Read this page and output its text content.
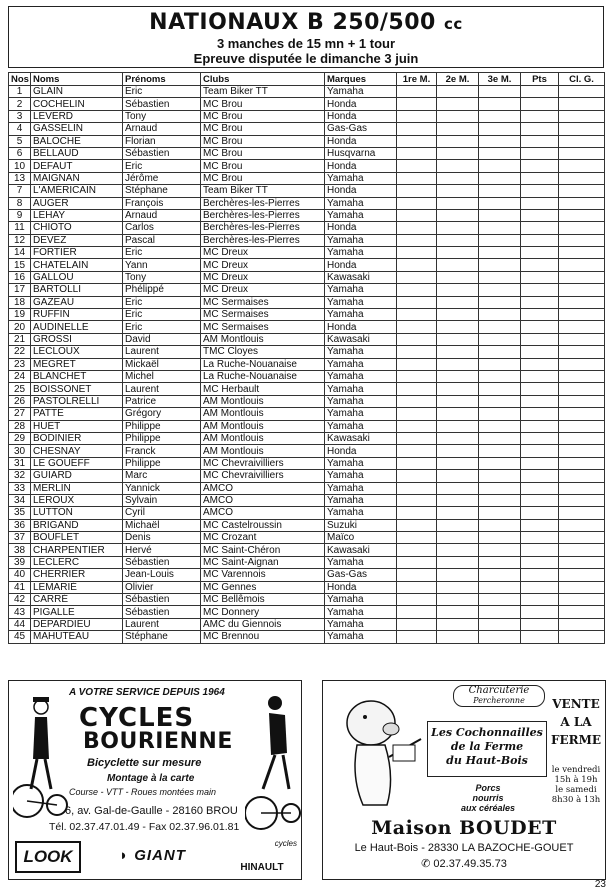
NATIONAUX B 250/500 cc
3 manches de 15 mn + 1 tour
Epreuve disputée le dimanche 3 juin
Nos	Noms	Prénoms	Clubs	Marques	1re M.	2e M.	3e M.	Pts	Cl. G.
1	GLAIN	Eric	Team Biker TT	Yamaha					
2	COCHELIN	Sébastien	MC Brou	Honda					
3	LEVERD	Tony	MC Brou	Honda					
4	GASSELIN	Arnaud	MC Brou	Gas-Gas					
5	BALOCHE	Florian	MC Brou	Honda					
6	BELLAUD	Sébastien	MC Brou	Husqvarna					
10	DEFAUT	Eric	MC Brou	Honda					
13	MAIGNAN	Jérôme	MC Brou	Yamaha					
7	L'AMÉRICAIN	Stéphane	Team Biker TT	Honda					
8	AUGER	François	Berchères-les-Pierres	Yamaha					
9	LEHAY	Arnaud	Berchères-les-Pierres	Yamaha					
11	CHIOTO	Carlos	Berchères-les-Pierres	Honda					
12	DEVEZ	Pascal	Berchères-les-Pierres	Yamaha					
14	FORTIER	Eric	MC Dreux	Yamaha					
15	CHATELAIN	Yann	MC Dreux	Honda					
16	GALLOU	Tony	MC Dreux	Kawasaki					
17	BARTOLLI	Phélippé	MC Dreux	Yamaha					
18	GAZEAU	Eric	MC Sermaises	Yamaha					
19	RUFFIN	Eric	MC Sermaises	Yamaha					
20	AUDINELLE	Eric	MC Sermaises	Honda					
21	GROSSI	David	AM Montlouis	Kawasaki					
22	LECLOUX	Laurent	TMC Cloyes	Yamaha					
23	MEGRET	Mickaël	La Ruche-Nouanaise	Yamaha					
24	BLANCHET	Michel	La Ruche-Nouanaise	Yamaha					
25	BOISSONET	Laurent	MC Herbault	Yamaha					
26	PASTOLRELLI	Patrice	AM Montlouis	Yamaha					
27	PATTE	Grégory	AM Montlouis	Yamaha					
28	HUET	Philippe	AM Montlouis	Yamaha					
29	BODINIER	Philippe	AM Montlouis	Kawasaki					
30	CHESNAY	Franck	AM Montlouis	Honda					
31	LE GOUEFF	Philippe	MC Chevraivilliers	Yamaha					
32	GUIARD	Marc	MC Chevraivilliers	Yamaha					
33	MERLIN	Yannick	AMCO	Yamaha					
34	LEROUX	Sylvain	AMCO	Yamaha					
35	LUTTON	Cyril	AMCO	Yamaha					
36	BRIGAND	Michaël	MC Castelroussin	Suzuki					
37	BOUFLET	Denis	MC Crozant	Maïco					
38	CHARPENTIER	Hervé	MC Saint-Chéron	Kawasaki					
39	LECLERC	Sébastien	MC Saint-Aignan	Yamaha					
40	CHERRIER	Jean-Louis	MC Varennois	Gas-Gas					
41	LEMARIÉ	Olivier	MC Gennes	Honda					
42	CARRÉ	Sébastien	MC Bellêmois	Yamaha					
43	PIGALLE	Sébastien	MC Donnery	Yamaha					
44	DEPARDIEU	Laurent	AMC du Giennois	Yamaha					
45	MAHUTEAU	Stéphane	MC Brennou	Yamaha					
A VOTRE SERVICE DEPUIS 1964
CYCLES
BOURIENNE
Bicyclette sur mesure
Montage à la carte
Course - VTT - Roues montées main
6, av. Gal-de-Gaulle - 28160 BROU
Tél. 02.37.47.01.49 - Fax 02.37.96.01.81
LOOK	◗ GIANT
cycles
HINAULT
Charcuterie
Percheronne
Les Cochonnailles
de la Ferme
du Haut-Bois
Porcs
nourris
aux céréales
VENTE
A LA
FERME
le vendredi
15h à 19h
le samedi
8h30 à 13h
Maison BOUDET
Le Haut-Bois - 28330 LA BAZOCHE-GOUET
✆ 02.37.49.35.73
23
